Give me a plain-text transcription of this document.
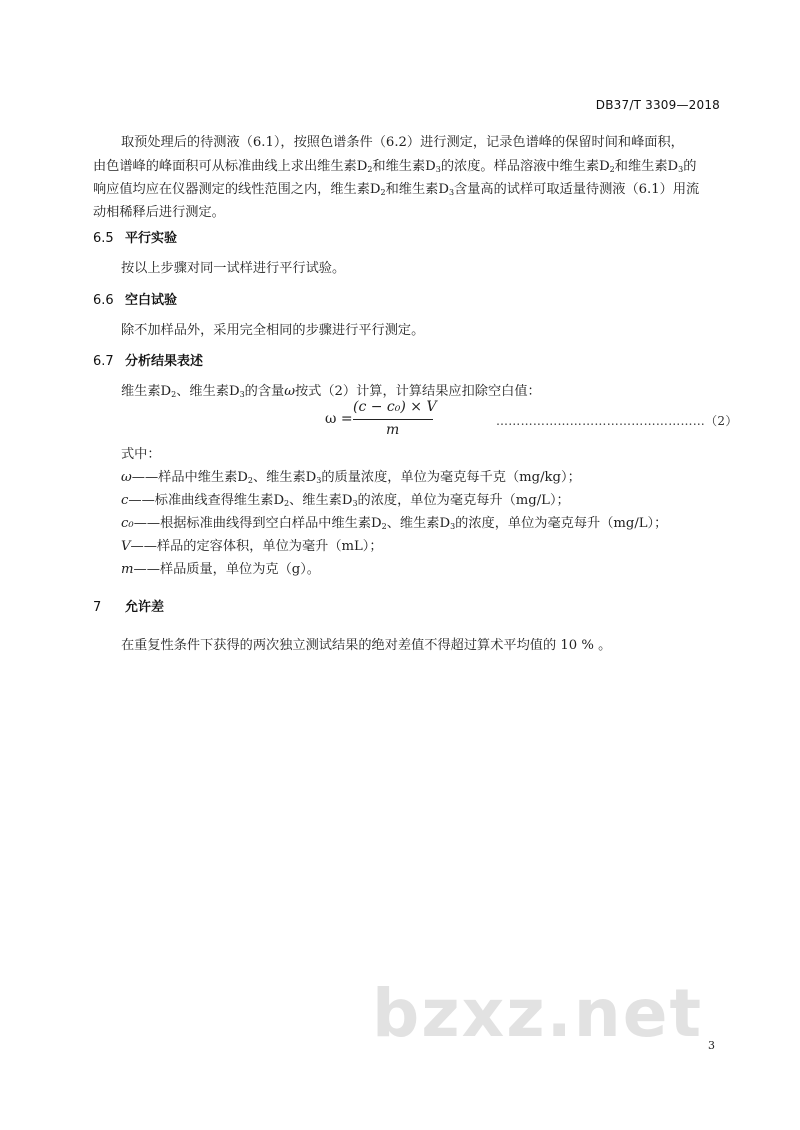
DB37/T 3309—2018
取预处理后的待测液（6.1），按照色谱条件（6.2）进行测定，记录色谱峰的保留时间和峰面积，
由色谱峰的峰面积可从标准曲线上求出维生素$D_2$和维生素$D_3$的浓度。样品溶液中维生素$D_2$和维生素$D_3$的
响应值均应在仪器测定的线性范围之内，维生素$D_2$和维生素$D_3$含量高的试样可取适量待测液（6.1）用流
动相稀释后进行测定。
6.5 平行实验
按以上步骤对同一试样进行平行试验。
6.6 空白试验
除不加样品外，采用完全相同的步骤进行平行测定。
6.7 分析结果表述
维生素$D_2$、维生素$D_3$的含量ω按式（2）计算，计算结果应扣除空白值：
ω =
(c − c₀) × V
m
……………………………………………（2）
式中：
ω——样品中维生素$D_2$、维生素$D_3$的质量浓度，单位为毫克每千克（mg/kg）；
c——标准曲线查得维生素$D_2$、维生素$D_3$的浓度，单位为毫克每升（mg/L）；
c₀——根据标准曲线得到空白样品中维生素$D_2$、维生素$D_3$的浓度，单位为毫克每升（mg/L）；
V——样品的定容体积，单位为毫升（mL）；
m——样品质量，单位为克（g）。
7 允许差
在重复性条件下获得的两次独立测试结果的绝对差值不得超过算术平均值的 10 % 。
bzxz.net 3
